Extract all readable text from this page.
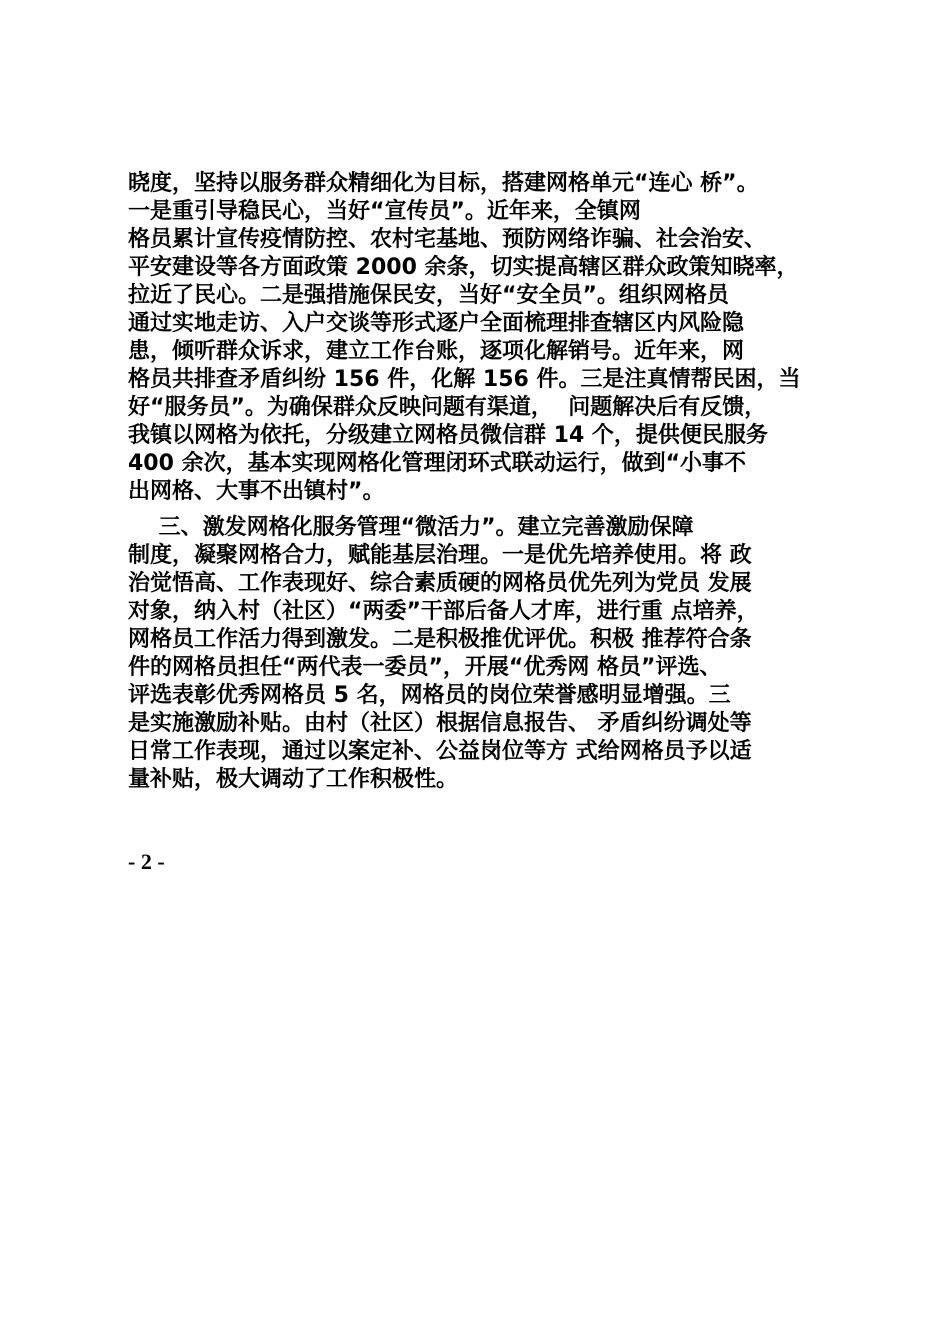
晓度，坚持以服务群众精细化为目标，搭建网格单元“连心 桥”。
一是重引导稳民心，当好“宣传员”。近年来，全镇网
格员累计宣传疫情防控、农村宅基地、预防网络诈骗、社会治安、
平安建设等各方面政策 2000 余条，切实提高辖区群众政策知晓率，
拉近了民心。二是强措施保民安，当好“安全员”。组织网格员
通过实地走访、入户交谈等形式逐户全面梳理排查辖区内风险隐
患，倾听群众诉求，建立工作台账，逐项化解销号。近年来，网
格员共排查矛盾纠纷 156 件，化解 156 件。三是注真情帮民困，当
好“服务员”。为确保群众反映问题有渠道，  问题解决后有反馈，
我镇以网格为依托，分级建立网格员微信群 14 个，提供便民服务
400 余次，基本实现网格化管理闭环式联动运行，做到“小事不
出网格、大事不出镇村”。
三、激发网格化服务管理“微活力”。建立完善激励保障
制度，凝聚网格合力，赋能基层治理。一是优先培养使用。将 政
治觉悟高、工作表现好、综合素质硬的网格员优先列为党员 发展
对象，纳入村（社区）“两委”干部后备人才库，进行重 点培养，
网格员工作活力得到激发。二是积极推优评优。积极 推荐符合条
件的网格员担任“两代表一委员”，开展“优秀网 格员”评选、
评选表彰优秀网格员 5 名，网格员的岗位荣誉感明显增强。三
是实施激励补贴。由村（社区）根据信息报告、 矛盾纠纷调处等
日常工作表现，通过以案定补、公益岗位等方 式给网格员予以适
量补贴，极大调动了工作积极性。
- 2 -
